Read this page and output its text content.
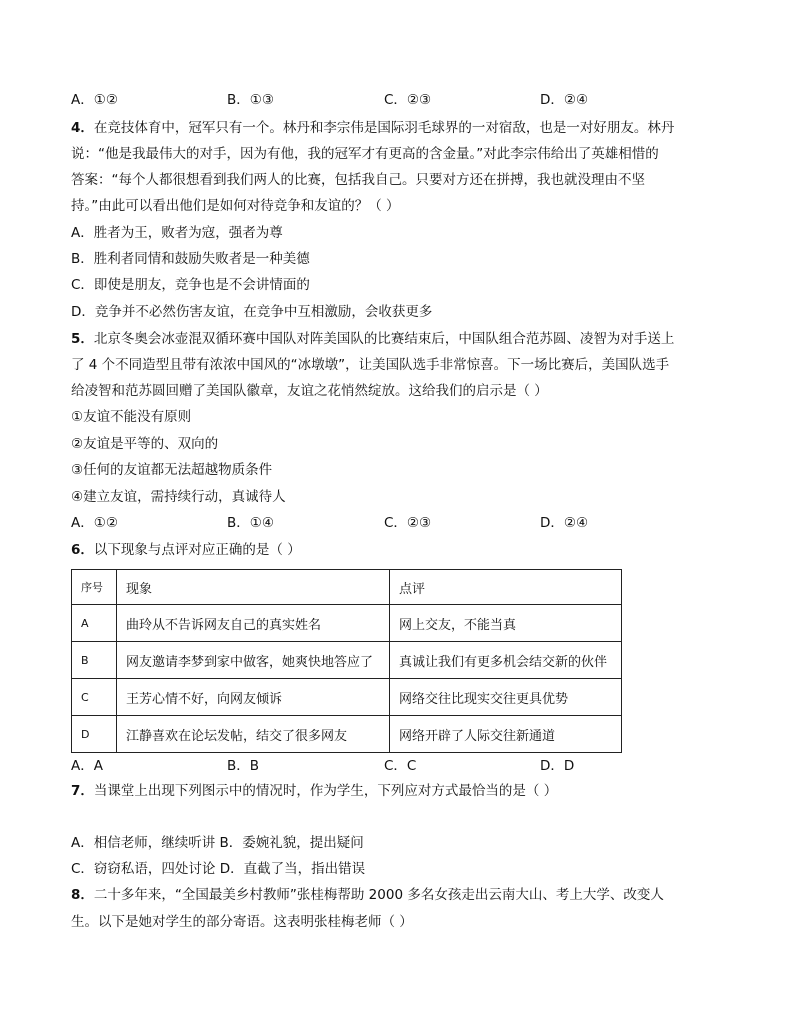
A．①②	B．①③	C．②③	D．②④
4．在竞技体育中，冠军只有一个。林丹和李宗伟是国际羽毛球界的一对宿敌，也是一对好朋友。林丹
说：“他是我最伟大的对手，因为有他，我的冠军才有更高的含金量。”对此李宗伟给出了英雄相惜的
答案：“每个人都很想看到我们两人的比赛，包括我自己。只要对方还在拼搏，我也就没理由不坚
持。”由此可以看出他们是如何对待竞争和友谊的？（ ）
A．胜者为王，败者为寇，强者为尊
B．胜利者同情和鼓励失败者是一种美德
C．即使是朋友，竞争也是不会讲情面的
D．竞争并不必然伤害友谊，在竞争中互相激励，会收获更多
5．北京冬奥会冰壶混双循环赛中国队对阵美国队的比赛结束后，中国队组合范苏圆、凌智为对手送上
了 4 个不同造型且带有浓浓中国风的“冰墩墩”，让美国队选手非常惊喜。下一场比赛后，美国队选手
给凌智和范苏圆回赠了美国队徽章，友谊之花悄然绽放。这给我们的启示是（ ）
①友谊不能没有原则
②友谊是平等的、双向的
③任何的友谊都无法超越物质条件
④建立友谊，需持续行动，真诚待人
A．①②	B．①④	C．②③	D．②④
6．以下现象与点评对应正确的是（ ）
序号	现象	点评
A	曲玲从不告诉网友自己的真实姓名	网上交友，不能当真
B	网友邀请李梦到家中做客，她爽快地答应了	真诚让我们有更多机会结交新的伙伴
C	王芳心情不好，向网友倾诉	网络交往比现实交往更具优势
D	江静喜欢在论坛发帖，结交了很多网友	网络开辟了人际交往新通道
A．A	B．B	C．C	D．D
7．当课堂上出现下列图示中的情况时，作为学生，下列应对方式最恰当的是（ ）
A．相信老师，继续听讲 B．委婉礼貌，提出疑问
C．窃窃私语，四处讨论 D．直截了当，指出错误
8．二十多年来，“全国最美乡村教师”张桂梅帮助 2000 多名女孩走出云南大山、考上大学、改变人
生。以下是她对学生的部分寄语。这表明张桂梅老师（ ）
